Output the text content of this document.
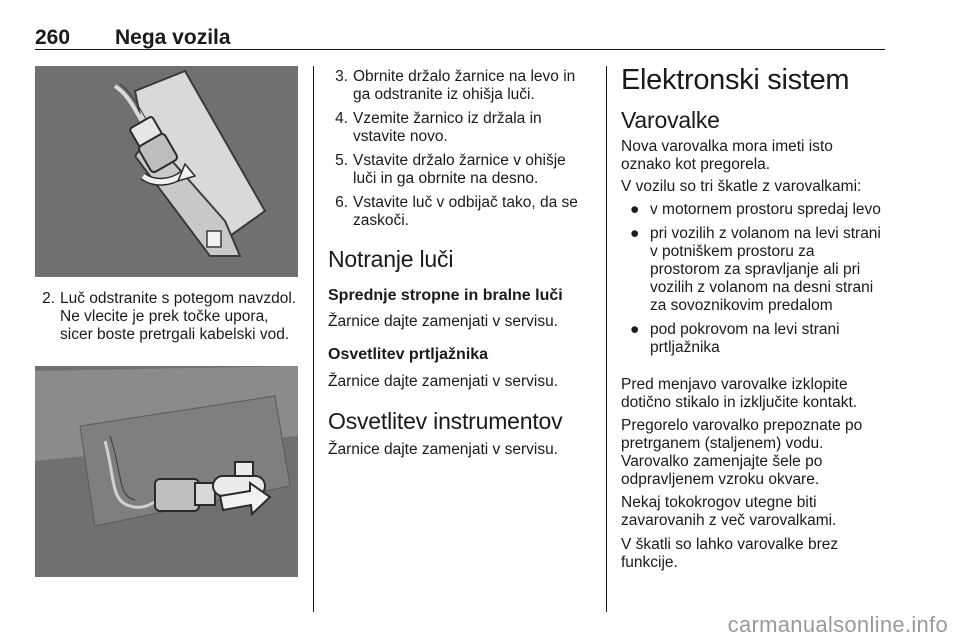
260 Nega vozila
2. Luč odstranite s potegom navzdol. Ne vlecite je prek točke upora, sicer boste pretrgali kabelski vod.
3. Obrnite držalo žarnice na levo in ga odstranite iz ohišja luči.
4. Vzemite žarnico iz držala in vstavite novo.
5. Vstavite držalo žarnice v ohišje luči in ga obrnite na desno.
6. Vstavite luč v odbijač tako, da se zaskoči.
Notranje luči
Sprednje stropne in bralne luči

Žarnice dajte zamenjati v servisu.

Osvetlitev prtljažnika

Žarnice dajte zamenjati v servisu.

Osvetlitev instrumentov

Žarnice dajte zamenjati v servisu.

Elektronski sistem
Varovalke

Nova varovalka mora imeti isto oznako kot pregorela.

V vozilu so tri škatle z varovalkami:

● v motornem prostoru spredaj levo
● pri vozilih z volanom na levi strani v potniškem prostoru za prostorom za spravljanje ali pri vozilih z volanom na desni strani za sovoznikovim predalom
● pod pokrovom na levi strani prtljažnika

Pred menjavo varovalke izklopite dotično stikalo in izključite kontakt.

Pregorelo varovalko prepoznate po pretrganem (staljenem) vodu. Varovalko zamenjajte šele po odpravljenem vzroku okvare.

Nekaj tokokrogov utegne biti zavarovanih z več varovalkami.

V škatli so lahko varovalke brez funkcije.

carmanualsonline.info
